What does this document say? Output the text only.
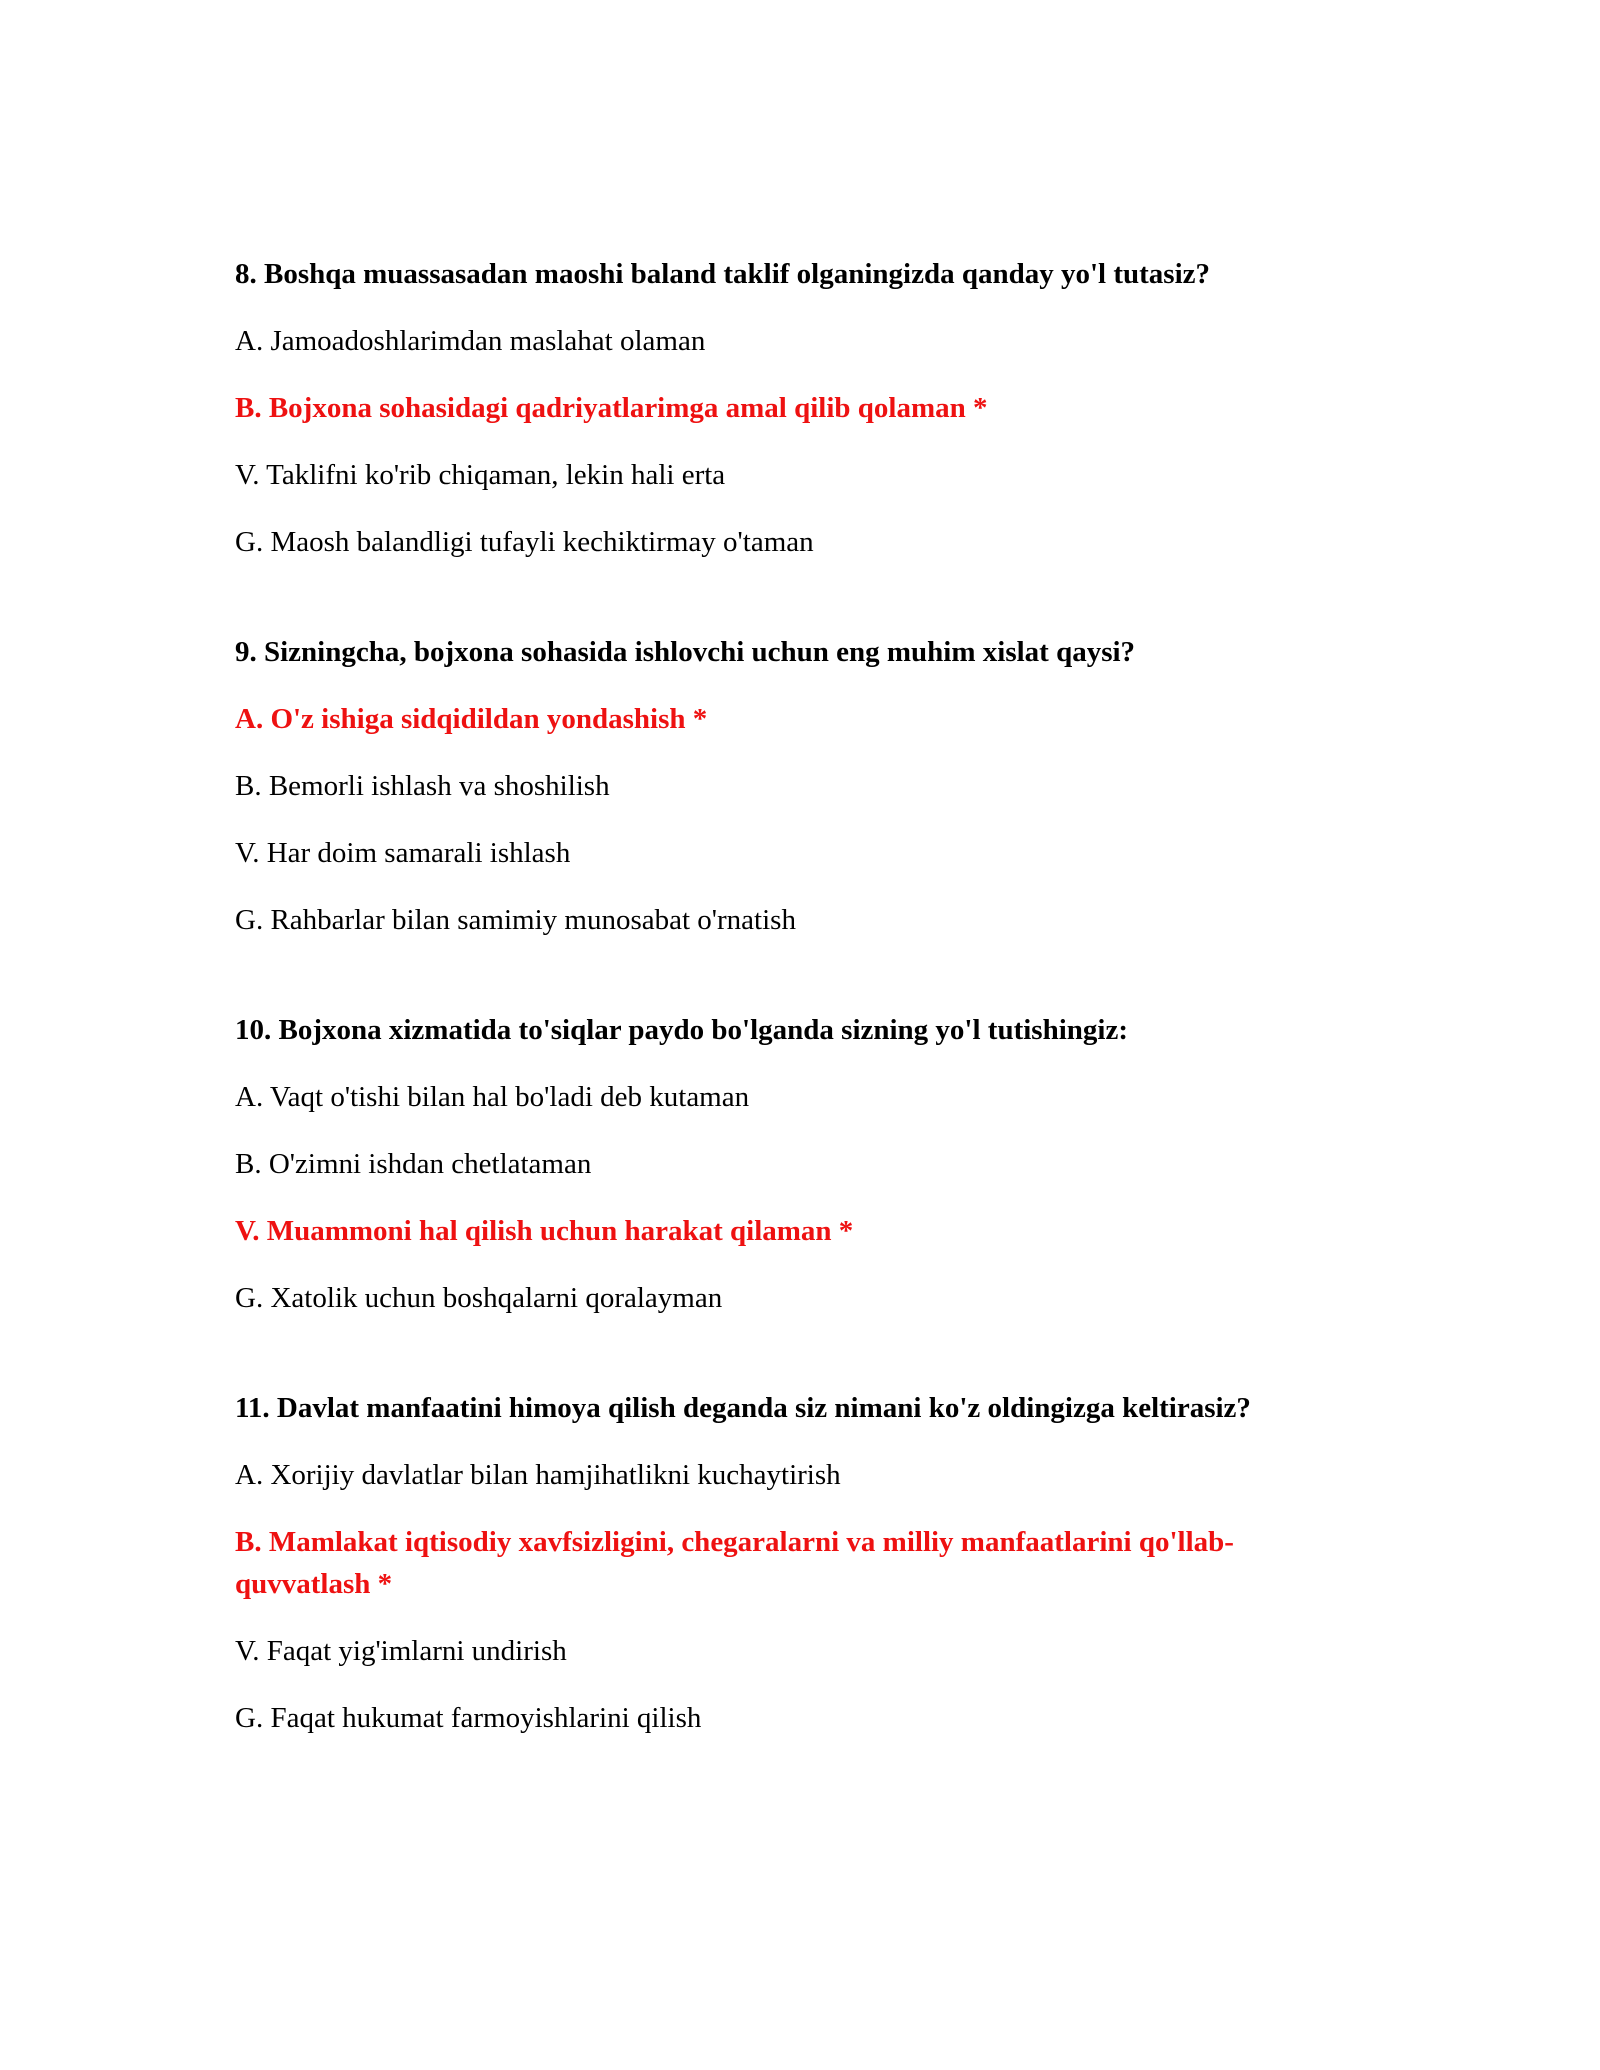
8. Boshqa muassasadan maoshi baland taklif olganingizda qanday yo'l tutasiz?
A. Jamoadoshlarimdan maslahat olaman
B. Bojxona sohasidagi qadriyatlarimga amal qilib qolaman *
V. Taklifni ko'rib chiqaman, lekin hali erta
G. Maosh balandligi tufayli kechiktirmay o'taman
9. Sizningcha, bojxona sohasida ishlovchi uchun eng muhim xislat qaysi?
A. O'z ishiga sidqidildan yondashish *
B. Bemorli ishlash va shoshilish
V. Har doim samarali ishlash
G. Rahbarlar bilan samimiy munosabat o'rnatish
10. Bojxona xizmatida to'siqlar paydo bo'lganda sizning yo'l tutishingiz:
A. Vaqt o'tishi bilan hal bo'ladi deb kutaman
B. O'zimni ishdan chetlataman
V. Muammoni hal qilish uchun harakat qilaman *
G. Xatolik uchun boshqalarni qoralayman
11. Davlat manfaatini himoya qilish deganda siz nimani ko'z oldingizga keltirasiz?
A. Xorijiy davlatlar bilan hamjihatlikni kuchaytirish
B. Mamlakat iqtisodiy xavfsizligini, chegaralarni va milliy manfaatlarini qo'llab-quvvatlash *
V. Faqat yig'imlarni undirish
G. Faqat hukumat farmoyishlarini qilish
